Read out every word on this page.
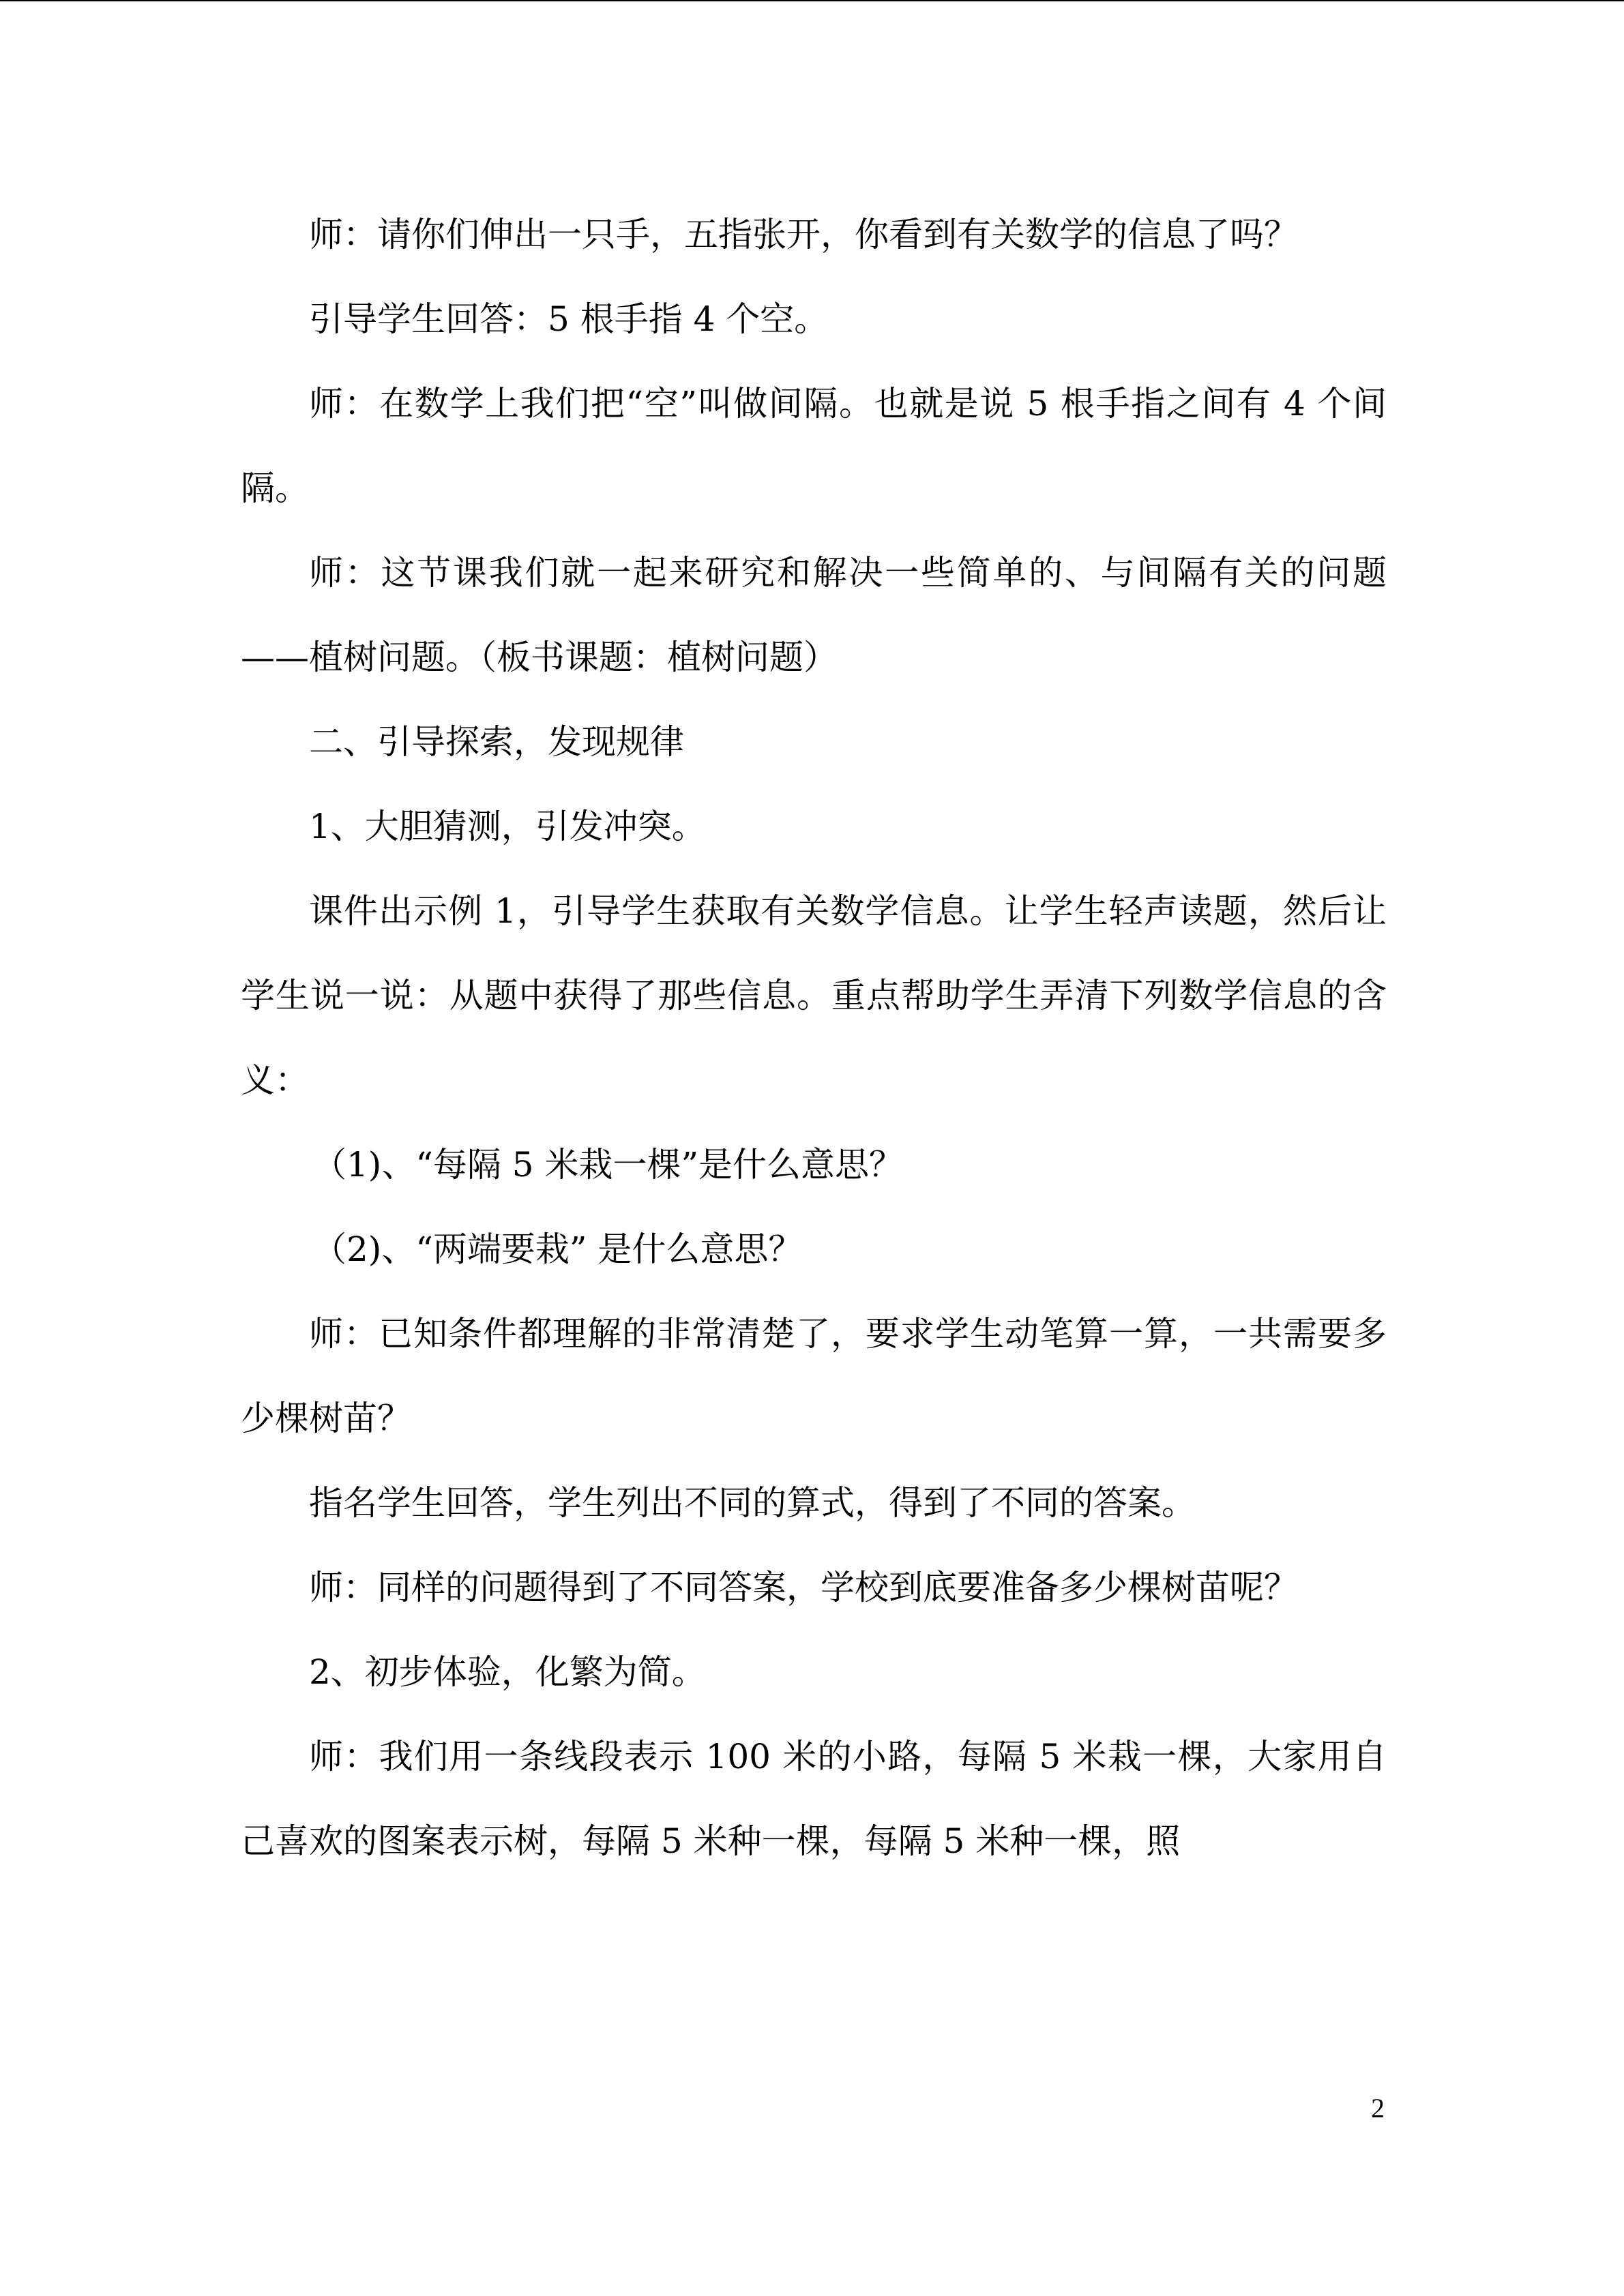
师：请你们伸出一只手，五指张开，你看到有关数学的信息了吗？

引导学生回答：5 根手指 4 个空。

师：在数学上我们把“空”叫做间隔。也就是说 5 根手指之间有 4 个间隔。

师：这节课我们就一起来研究和解决一些简单的、与间隔有关的问题——植树问题。（板书课题：植树问题）

二、引导探索，发现规律

1、大胆猜测，引发冲突。

课件出示例 1，引导学生获取有关数学信息。让学生轻声读题，然后让学生说一说：从题中获得了那些信息。重点帮助学生弄清下列数学信息的含义：

（1)、“每隔 5 米栽一棵”是什么意思？

（2)、“两端要栽” 是什么意思？

师：已知条件都理解的非常清楚了，要求学生动笔算一算，一共需要多少棵树苗？

指名学生回答，学生列出不同的算式，得到了不同的答案。

师：同样的问题得到了不同答案，学校到底要准备多少棵树苗呢？

2、初步体验，化繁为简。

师：我们用一条线段表示 100 米的小路，每隔 5 米栽一棵，大家用自己喜欢的图案表示树，每隔 5 米种一棵，每隔 5 米种一棵，照

2
